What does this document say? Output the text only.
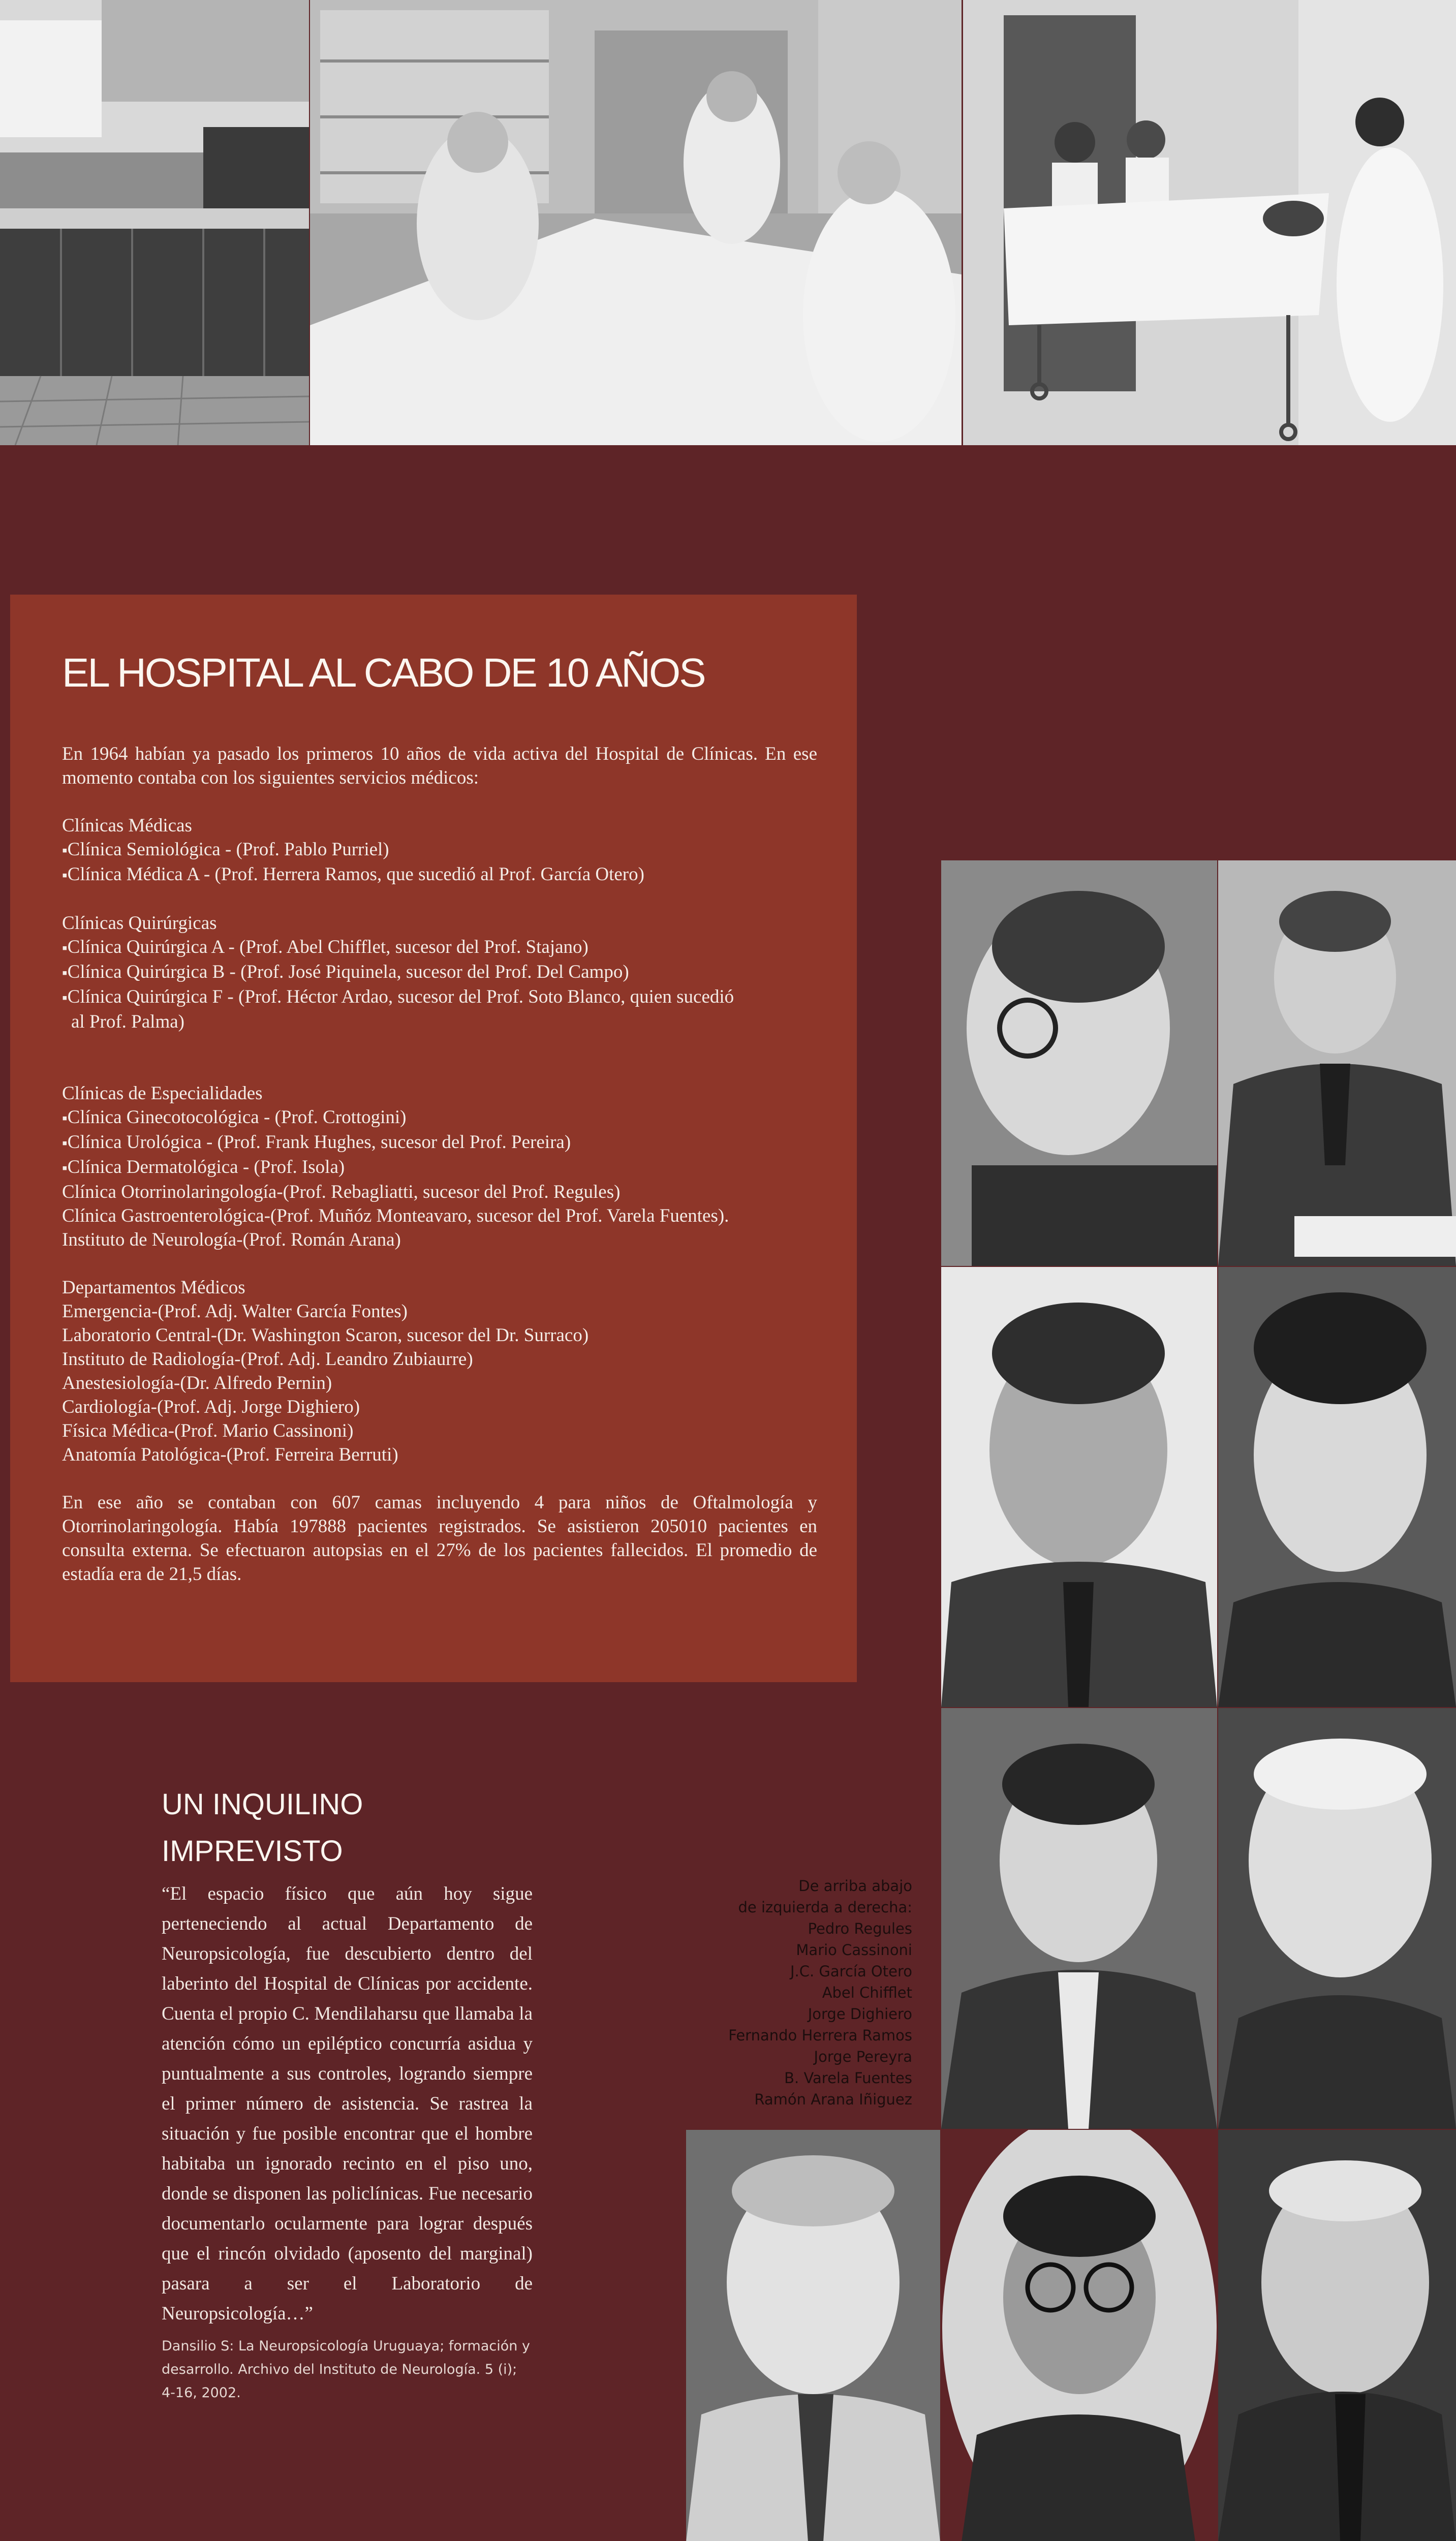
EL HOSPITAL AL CABO DE 10 AÑOS

En 1964 habían ya pasado los primeros 10 años de vida activa del Hospital de Clínicas. En ese momento contaba con los siguientes servicios médicos:

Clínicas Médicas

▪ Clínica Semiológica - (Prof. Pablo Purriel)

▪ Clínica Médica A - (Prof. Herrera Ramos, que sucedió al Prof. García Otero)

Clínicas Quirúrgicas

▪ Clínica Quirúrgica A - (Prof. Abel Chifflet, sucesor del Prof. Stajano)

▪ Clínica Quirúrgica B - (Prof. José Piquinela, sucesor del Prof. Del Campo)

▪ Clínica Quirúrgica F - (Prof. Héctor Ardao, sucesor del Prof. Soto Blanco, quien sucedió

al Prof. Palma)

Clínicas de Especialidades

▪ Clínica Ginecotocológica - (Prof. Crottogini)

▪ Clínica Urológica - (Prof. Frank Hughes, sucesor del Prof. Pereira)

▪ Clínica Dermatológica - (Prof. Isola)

Clínica Otorrinolaringología-(Prof. Rebagliatti, sucesor del Prof. Regules)

Clínica Gastroenterológica-(Prof. Muñóz Monteavaro, sucesor del Prof. Varela Fuentes).

Instituto de Neurología-(Prof. Román Arana)

Departamentos Médicos

Emergencia-(Prof. Adj. Walter García Fontes)

Laboratorio Central-(Dr. Washington Scaron, sucesor del Dr. Surraco)

Instituto de Radiología-(Prof. Adj. Leandro Zubiaurre)

Anestesiología-(Dr. Alfredo Pernin)

Cardiología-(Prof. Adj. Jorge Dighiero)

Física Médica-(Prof. Mario Cassinoni)

Anatomía Patológica-(Prof. Ferreira Berruti)

En ese año se contaban con 607 camas incluyendo 4 para niños de Oftalmología y Otorrinolaringología. Había 197888 pacientes registrados. Se asistieron 205010 pacientes en consulta externa. Se efectuaron autopsias en el 27% de los pacientes fallecidos. El promedio de estadía era de 21,5 días.

De arriba abajo
de izquierda a derecha:
Pedro Regules
Mario Cassinoni
J.C. García Otero
Abel Chifflet
Jorge Dighiero
Fernando Herrera Ramos
Jorge Pereyra
B. Varela Fuentes
Ramón Arana Iñiguez
UN INQUILINO
IMPREVISTO

“El espacio físico que aún hoy sigue perteneciendo al actual Departamento de Neuropsicología, fue descubierto dentro del laberinto del Hospital de Clínicas por accidente. Cuenta el propio C. Mendilaharsu que llamaba la atención cómo un epiléptico concurría asidua y puntualmente a sus controles, logrando siempre el primer número de asistencia. Se rastrea la situación y fue posible encontrar que el hombre habitaba un ignorado recinto en el piso uno, donde se disponen las policlínicas. Fue necesario documentarlo ocularmente para lograr después que el rincón olvidado (aposento del marginal) pasara a ser el Laboratorio de Neuropsicología…”

Dansilio S: La Neuropsicología Uruguaya; formación y desarrollo. Archivo del Instituto de Neurología. 5 (i); 4-16, 2002.
